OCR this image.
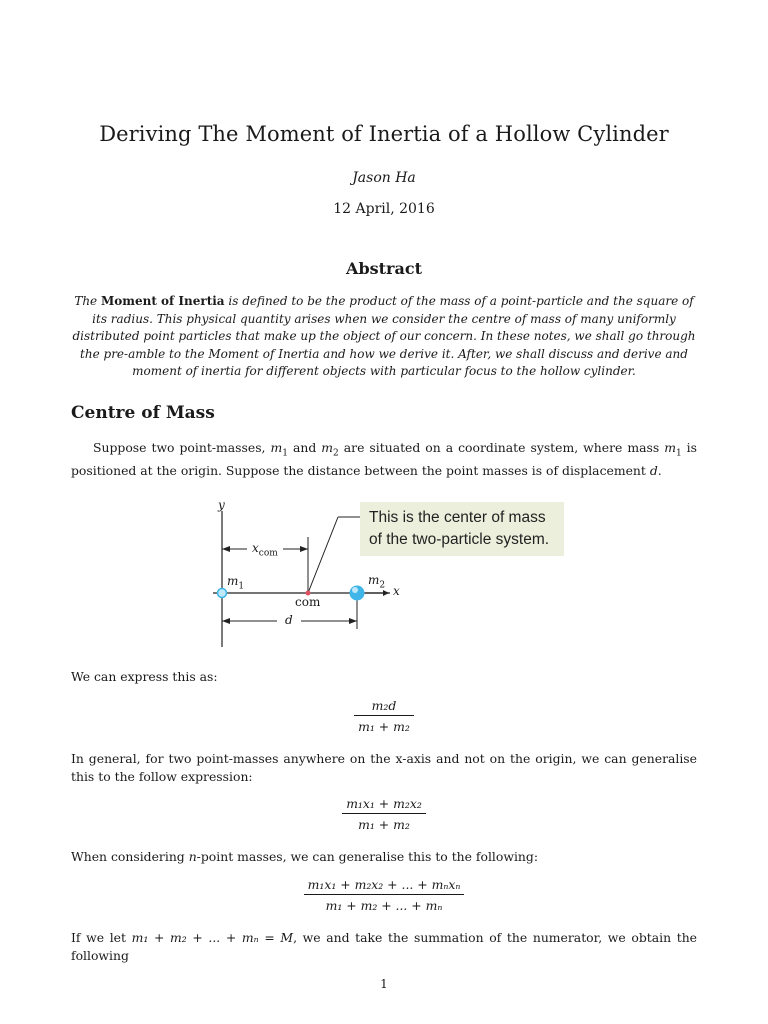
Deriving The Moment of Inertia of a Hollow Cylinder
Jason Ha
12 April, 2016
Abstract
The Moment of Inertia is defined to be the product of the mass of a point-particle and the square of its radius. This physical quantity arises when we consider the centre of mass of many uniformly distributed point particles that make up the object of our concern. In these notes, we shall go through the pre-amble to the Moment of Inertia and how we derive it. After, we shall discuss and derive and moment of inertia for different objects with particular focus to the hollow cylinder.
Centre of Mass
Suppose two point-masses, $m_1$ and $m_2$ are situated on a coordinate system, where mass $m_1$ is positioned at the origin. Suppose the distance between the point masses is of displacement d.
This is the center of mass
of the two-particle system.
y
x
$x_{com}$
$m_1$	$m_2$
com
d
We can express this as:
$\frac{\text{m₂d}}{\text{m₁ + m₂}}$
In general, for two point-masses anywhere on the x-axis and not on the origin, we can generalise this to the follow expression:
$\frac{\text{m₁x₁ + m₂x₂}}{\text{m₁ + m₂}}$
When considering n-point masses, we can generalise this to the following:
$\frac{\text{m₁x₁ + m₂x₂ + ... + mₙxₙ}}{\text{m₁ + m₂ + ... + mₙ}}$
If we let m₁ + m₂ + ... + mₙ = M, we and take the summation of the numerator, we obtain the following
1
